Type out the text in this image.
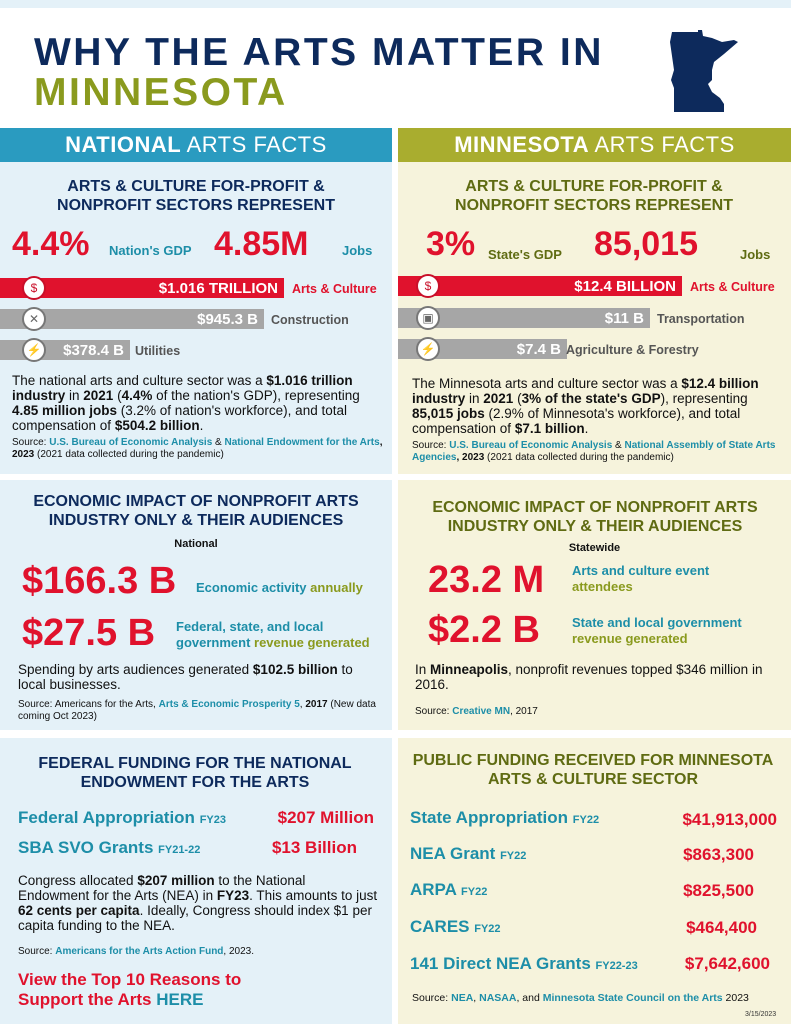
WHY THE ARTS MATTER IN
MINNESOTA
NATIONAL ARTS FACTS	MINNESOTA ARTS FACTS
ARTS & CULTURE FOR-PROFIT & NONPROFIT SECTORS REPRESENT
4.4% Nation's GDP 4.85M	Jobs
$1.016 TRILLION Arts & Culture
$
$945.3 B Construction
✕
$378.4 B Utilities
⚡
The national arts and culture sector was a $1.016 trillion industry in 2021 (4.4% of the nation's GDP), representing 4.85 million jobs (3.2% of nation's workforce), and total compensation of $504.2 billion.
Source: U.S. Bureau of Economic Analysis & National Endowment for the Arts, 2023 (2021 data collected during the pandemic)
ARTS & CULTURE FOR-PROFIT & NONPROFIT SECTORS REPRESENT
3% State's GDP 85,015	Jobs
$12.4 BILLION Arts & Culture
$
$11 B Transportation
▣
$7.4 B Agriculture & Forestry
⚡
The Minnesota arts and culture sector was a $12.4 billion industry in 2021 (3% of the state's GDP), representing 85,015 jobs (2.9% of Minnesota's workforce), and total compensation of $7.1 billion.
Source: U.S. Bureau of Economic Analysis & National Assembly of State Arts Agencies, 2023 (2021 data collected during the pandemic)
ECONOMIC IMPACT OF NONPROFIT ARTS INDUSTRY ONLY & THEIR AUDIENCES
National
$166.3 B Economic activity annually
$27.5 B Federal, state, and local government revenue generated
Spending by arts audiences generated $102.5 billion to local businesses.
Source: Americans for the Arts, Arts & Economic Prosperity 5, 2017 (New data coming Oct 2023)
ECONOMIC IMPACT OF NONPROFIT ARTS INDUSTRY ONLY & THEIR AUDIENCES
Statewide
23.2 M Arts and culture event attendees
$2.2 B State and local government revenue generated
In Minneapolis, nonprofit revenues topped $346 million in 2016.
Source: Creative MN, 2017
FEDERAL FUNDING FOR THE NATIONAL ENDOWMENT FOR THE ARTS
Federal Appropriation FY23	$207 Million
SBA SVO Grants FY21-22	$13 Billion
Congress allocated $207 million to the National Endowment for the Arts (NEA) in FY23. This amounts to just 62 cents per capita. Ideally, Congress should index $1 per capita funding to the NEA.
Source: Americans for the Arts Action Fund, 2023.
View the Top 10 Reasons to Support the Arts HERE
PUBLIC FUNDING RECEIVED FOR MINNESOTA ARTS & CULTURE SECTOR
State Appropriation FY22	$41,913,000
NEA Grant FY22	$863,300
ARPA FY22	$825,500
CARES FY22	$464,400
141 Direct NEA Grants FY22-23	$7,642,600
Source: NEA, NASAA, and Minnesota State Council on the Arts 2023
3/15/2023
